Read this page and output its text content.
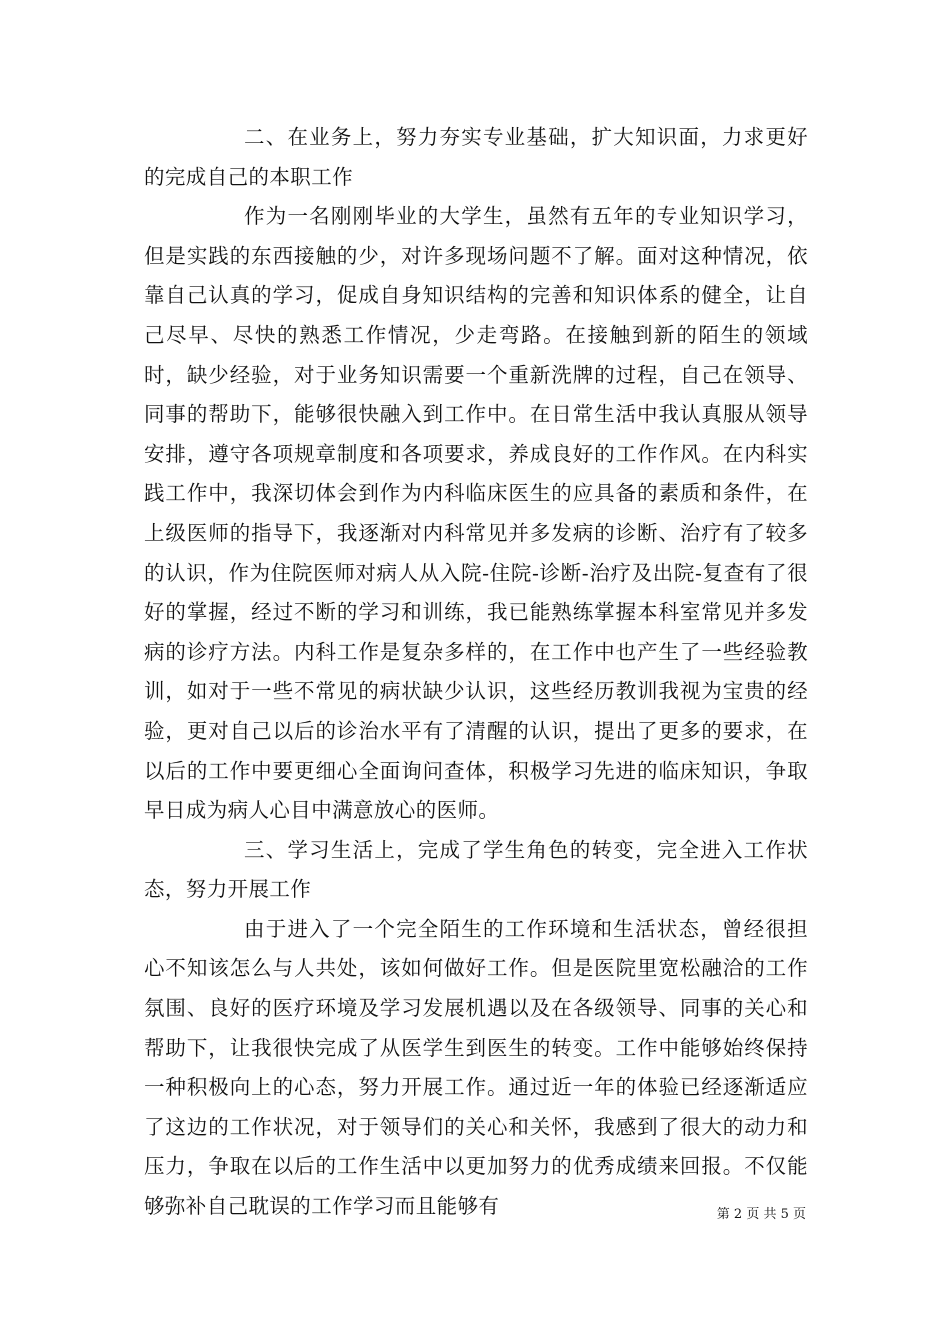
二、在业务上，努力夯实专业基础，扩大知识面，力求更好的完成自己的本职工作

作为一名刚刚毕业的大学生，虽然有五年的专业知识学习，但是实践的东西接触的少，对许多现场问题不了解。面对这种情况，依靠自己认真的学习，促成自身知识结构的完善和知识体系的健全，让自己尽早、尽快的熟悉工作情况，少走弯路。在接触到新的陌生的领域时，缺少经验，对于业务知识需要一个重新洗牌的过程，自己在领导、同事的帮助下，能够很快融入到工作中。在日常生活中我认真服从领导安排，遵守各项规章制度和各项要求，养成良好的工作作风。在内科实践工作中，我深切体会到作为内科临床医生的应具备的素质和条件，在上级医师的指导下，我逐渐对内科常见并多发病的诊断、治疗有了较多的认识，作为住院医师对病人从入院-住院-诊断-治疗及出院-复查有了很好的掌握，经过不断的学习和训练，我已能熟练掌握本科室常见并多发病的诊疗方法。内科工作是复杂多样的，在工作中也产生了一些经验教训，如对于一些不常见的病状缺少认识，这些经历教训我视为宝贵的经验，更对自己以后的诊治水平有了清醒的认识，提出了更多的要求，在以后的工作中要更细心全面询问查体，积极学习先进的临床知识，争取早日成为病人心目中满意放心的医师。

三、学习生活上，完成了学生角色的转变，完全进入工作状态，努力开展工作

由于进入了一个完全陌生的工作环境和生活状态，曾经很担心不知该怎么与人共处，该如何做好工作。但是医院里宽松融洽的工作氛围、良好的医疗环境及学习发展机遇以及在各级领导、同事的关心和帮助下，让我很快完成了从医学生到医生的转变。工作中能够始终保持一种积极向上的心态，努力开展工作。通过近一年的体验已经逐渐适应了这边的工作状况，对于领导们的关心和关怀，我感到了很大的动力和压力，争取在以后的工作生活中以更加努力的优秀成绩来回报。不仅能够弥补自己耽误的工作学习而且能够有	第 2 页 共 5 页
